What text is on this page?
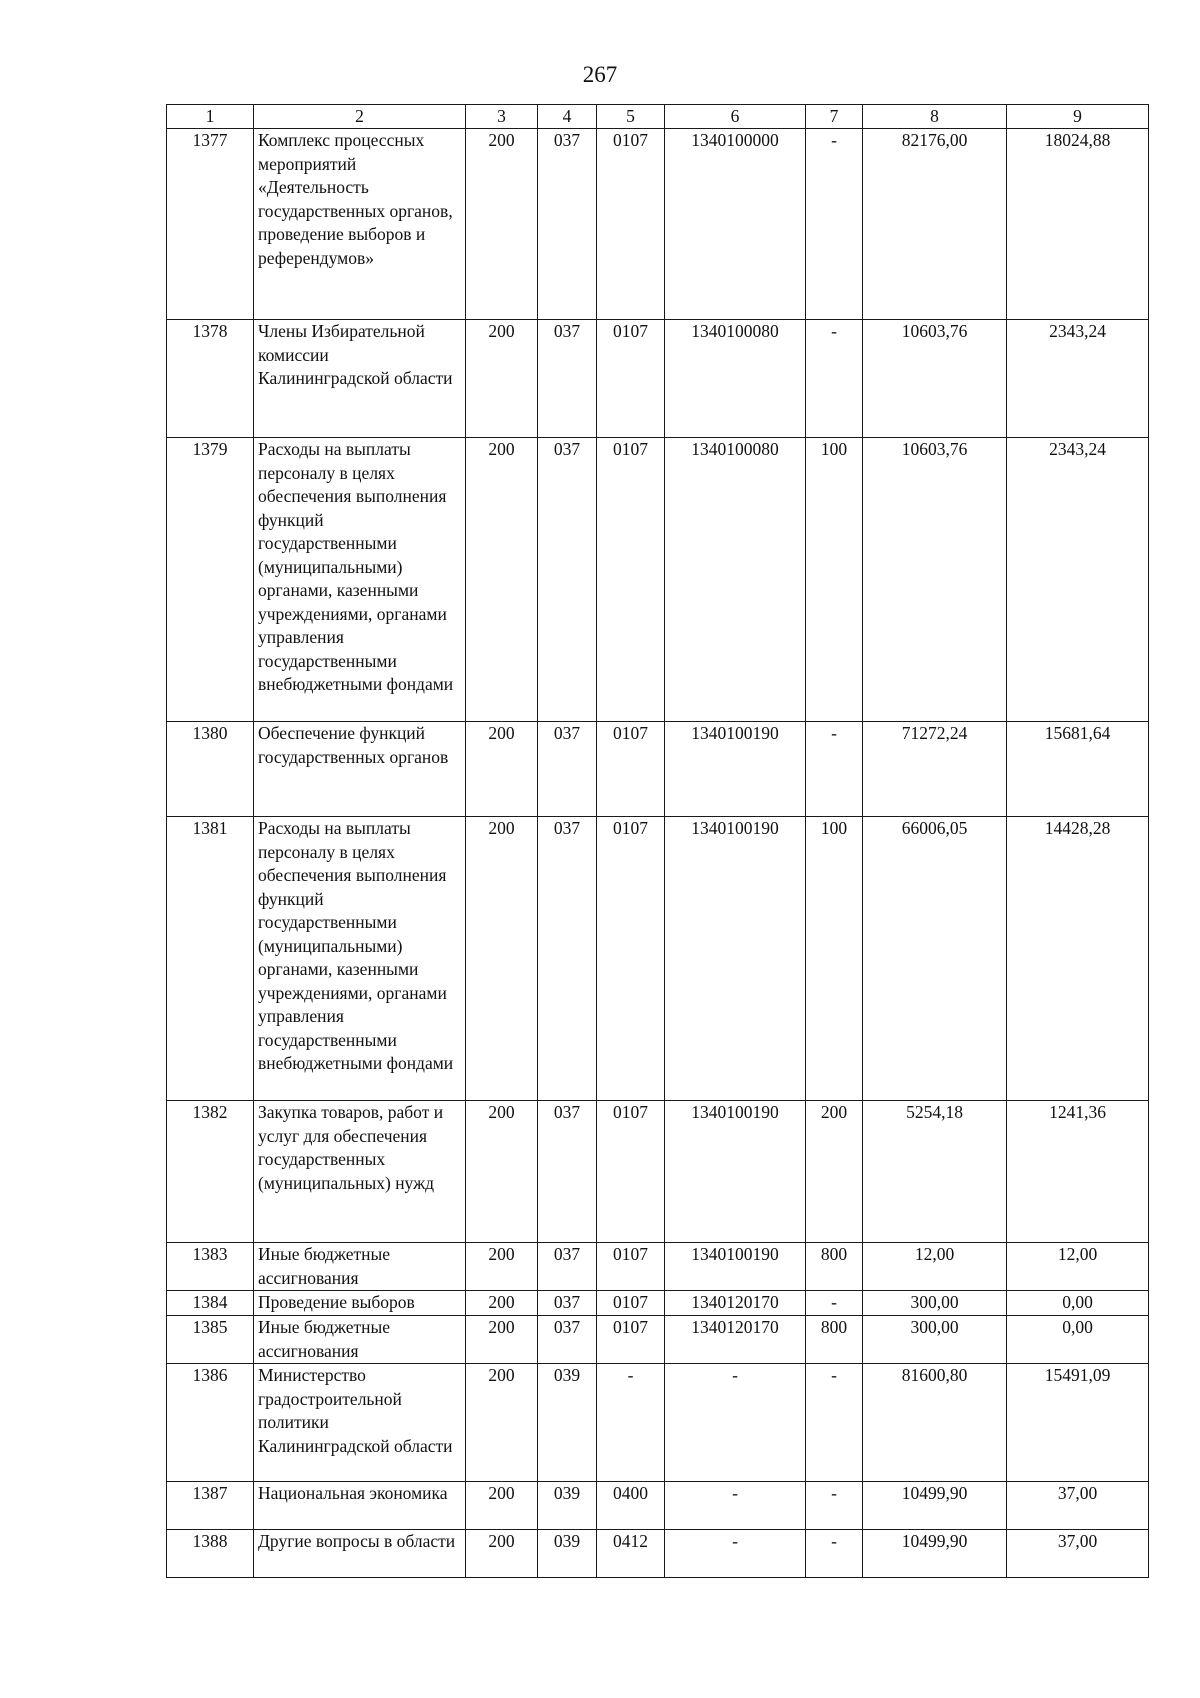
267
1	2	3	4	5	6	7	8	9
1377	Комплекс процессных мероприятий «Деятельность государственных органов, проведение выборов и референдумов»	200	037	0107	1340100000	-	82176,00	18024,88
1378	Члены Избирательной комиссии Калининградской области	200	037	0107	1340100080	-	10603,76	2343,24
1379	Расходы на выплаты персоналу в целях обеспечения выполнения функций государственными (муниципальными) органами, казенными учреждениями, органами управления государственными внебюджетными фондами	200	037	0107	1340100080	100	10603,76	2343,24
1380	Обеспечение функций государственных органов	200	037	0107	1340100190	-	71272,24	15681,64
1381	Расходы на выплаты персоналу в целях обеспечения выполнения функций государственными (муниципальными) органами, казенными учреждениями, органами управления государственными внебюджетными фондами	200	037	0107	1340100190	100	66006,05	14428,28
1382	Закупка товаров, работ и услуг для обеспечения государственных (муниципальных) нужд	200	037	0107	1340100190	200	5254,18	1241,36
1383	Иные бюджетные ассигнования	200	037	0107	1340100190	800	12,00	12,00
1384	Проведение выборов	200	037	0107	1340120170	-	300,00	0,00
1385	Иные бюджетные ассигнования	200	037	0107	1340120170	800	300,00	0,00
1386	Министерство градостроительной политики Калининградской области	200	039	-	-	-	81600,80	15491,09
1387	Национальная экономика	200	039	0400	-	-	10499,90	37,00
1388	Другие вопросы в области	200	039	0412	-	-	10499,90	37,00
